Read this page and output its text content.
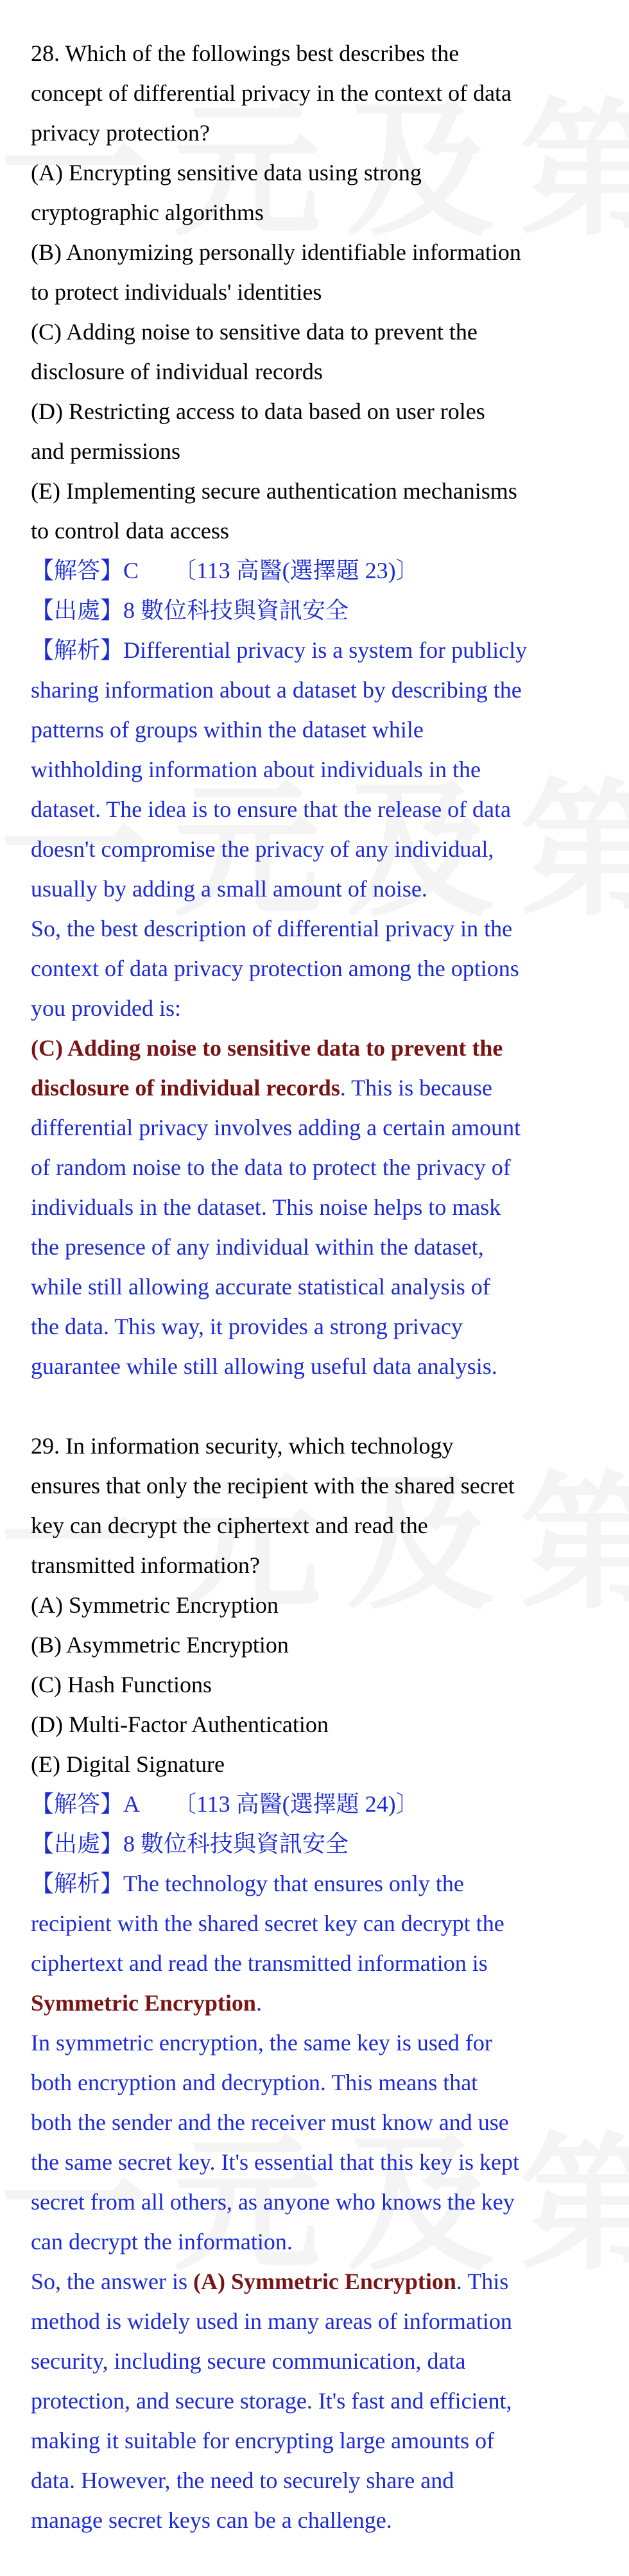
28. Which of the followings best describes the
concept of differential privacy in the context of data
privacy protection?
(A) Encrypting sensitive data using strong
cryptographic algorithms
(B) Anonymizing personally identifiable information
to protect individuals' identities
(C) Adding noise to sensitive data to prevent the
disclosure of individual records
(D) Restricting access to data based on user roles
and permissions
(E) Implementing secure authentication mechanisms
to control data access
【解答】C　　〔113 高醫(選擇題 23)〕
【出處】8 數位科技與資訊安全
【解析】Differential privacy is a system for publicly
sharing information about a dataset by describing the
patterns of groups within the dataset while
withholding information about individuals in the
dataset. The idea is to ensure that the release of data
doesn't compromise the privacy of any individual,
usually by adding a small amount of noise.
So, the best description of differential privacy in the
context of data privacy protection among the options
you provided is:
(C) Adding noise to sensitive data to prevent the
disclosure of individual records. This is because
differential privacy involves adding a certain amount
of random noise to the data to protect the privacy of
individuals in the dataset. This noise helps to mask
the presence of any individual within the dataset,
while still allowing accurate statistical analysis of
the data. This way, it provides a strong privacy
guarantee while still allowing useful data analysis.
29. In information security, which technology
ensures that only the recipient with the shared secret
key can decrypt the ciphertext and read the
transmitted information?
(A) Symmetric Encryption
(B) Asymmetric Encryption
(C) Hash Functions
(D) Multi-Factor Authentication
(E) Digital Signature
【解答】A　　〔113 高醫(選擇題 24)〕
【出處】8 數位科技與資訊安全
【解析】The technology that ensures only the
recipient with the shared secret key can decrypt the
ciphertext and read the transmitted information is
Symmetric Encryption.
In symmetric encryption, the same key is used for
both encryption and decryption. This means that
both the sender and the receiver must know and use
the same secret key. It's essential that this key is kept
secret from all others, as anyone who knows the key
can decrypt the information.
So, the answer is (A) Symmetric Encryption. This
method is widely used in many areas of information
security, including secure communication, data
protection, and secure storage. It's fast and efficient,
making it suitable for encrypting large amounts of
data. However, the need to securely share and
manage secret keys can be a challenge.
